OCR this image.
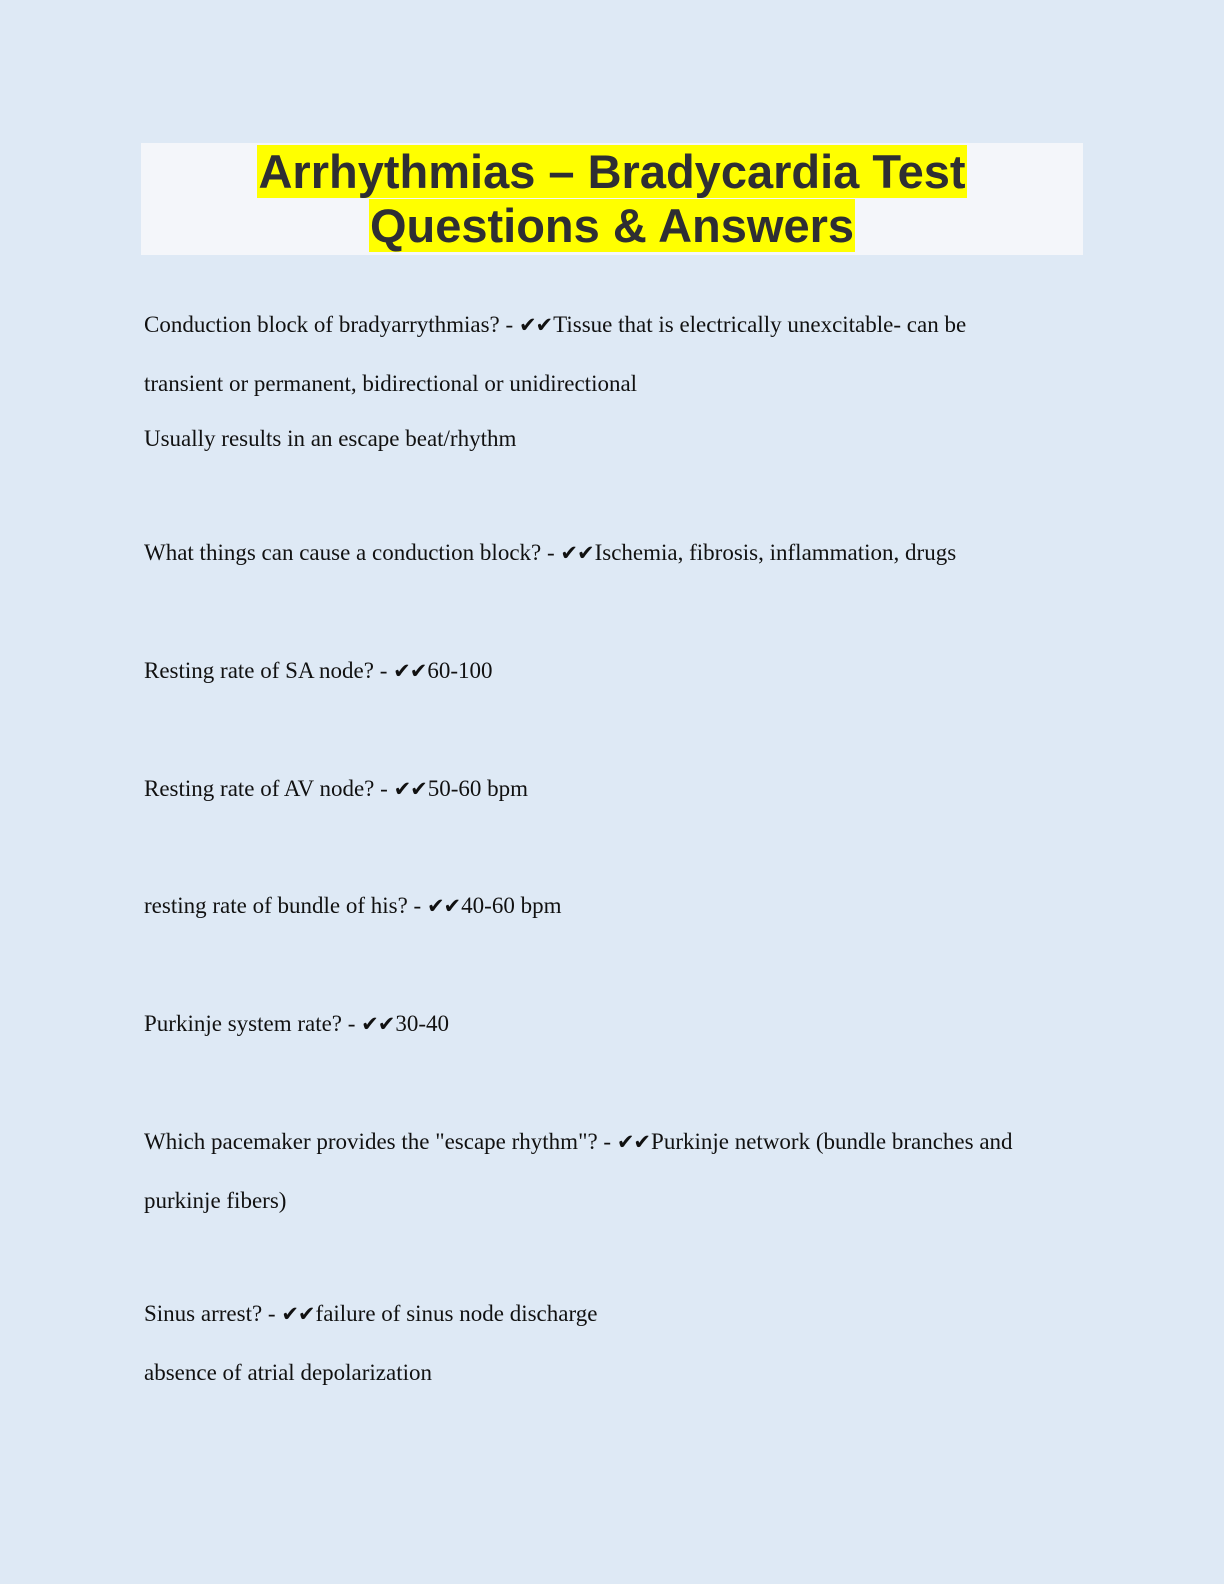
Arrhythmias – Bradycardia Test
Questions & Answers
Conduction block of bradyarrythmias? - ✔✔Tissue that is electrically unexcitable- can be
transient or permanent, bidirectional or unidirectional
Usually results in an escape beat/rhythm
What things can cause a conduction block? - ✔✔Ischemia, fibrosis, inflammation, drugs
Resting rate of SA node? - ✔✔60-100
Resting rate of AV node? - ✔✔50-60 bpm
resting rate of bundle of his? - ✔✔40-60 bpm
Purkinje system rate? - ✔✔30-40
Which pacemaker provides the "escape rhythm"? - ✔✔Purkinje network (bundle branches and
purkinje fibers)
Sinus arrest? - ✔✔failure of sinus node discharge
absence of atrial depolarization
